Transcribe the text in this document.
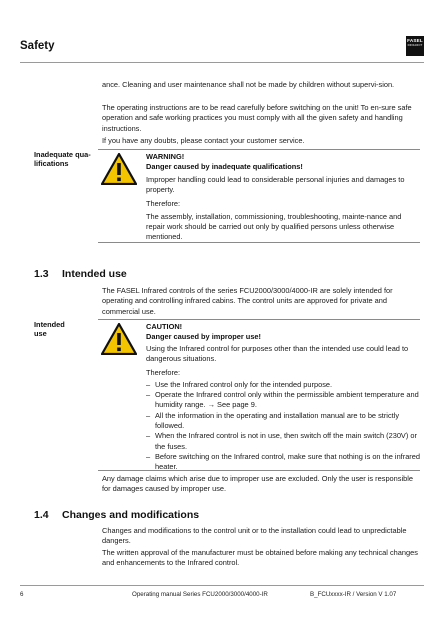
Safety	FASEL
INFRAROT
ance. Cleaning and user maintenance shall not be made by children without supervi-sion.
The operating instructions are to be read carefully before switching on the unit! To en-sure safe operation and safe working practices you must comply with all the given safety and handling instructions.
If you have any doubts, please contact your customer service.
Inadequate qua-lifications
WARNING!
Danger caused by inadequate qualifications!
Improper handling could lead to considerable personal injuries and damages to property.
Therefore:
The assembly, installation, commissioning, troubleshooting, mainte-nance and repair work should be carried out only by qualified persons unless otherwise mentioned.
1.3 Intended use
The FASEL Infrared controls of the series FCU2000/3000/4000-IR are solely intended for operating and controlling infrared cabins. The control units are approved for private and commercial use.
Intended use
CAUTION!
Danger caused by improper use!
Using the Infrared control for purposes other than the intended use could lead to dangerous situations.
Therefore:
– Use the Infrared control only for the intended purpose.
– Operate the Infrared control only within the permissible ambient temperature and humidity range. → See page 9.
– All the information in the operating and installation manual are to be strictly followed.
– When the Infrared control is not in use, then switch off the main switch (230V) or the fuses.
– Before switching on the Infrared control, make sure that nothing is on the infrared heater.
Any damage claims which arise due to improper use are excluded. Only the user is responsible for damages caused by improper use.
1.4 Changes and modifications
Changes and modifications to the control unit or to the installation could lead to unpredictable dangers.
The written approval of the manufacturer must be obtained before making any technical changes and enhancements to the Infrared control.
6	Operating manual Series FCU2000/3000/4000-IR	B_FCUxxxx-IR / Version V 1.07
